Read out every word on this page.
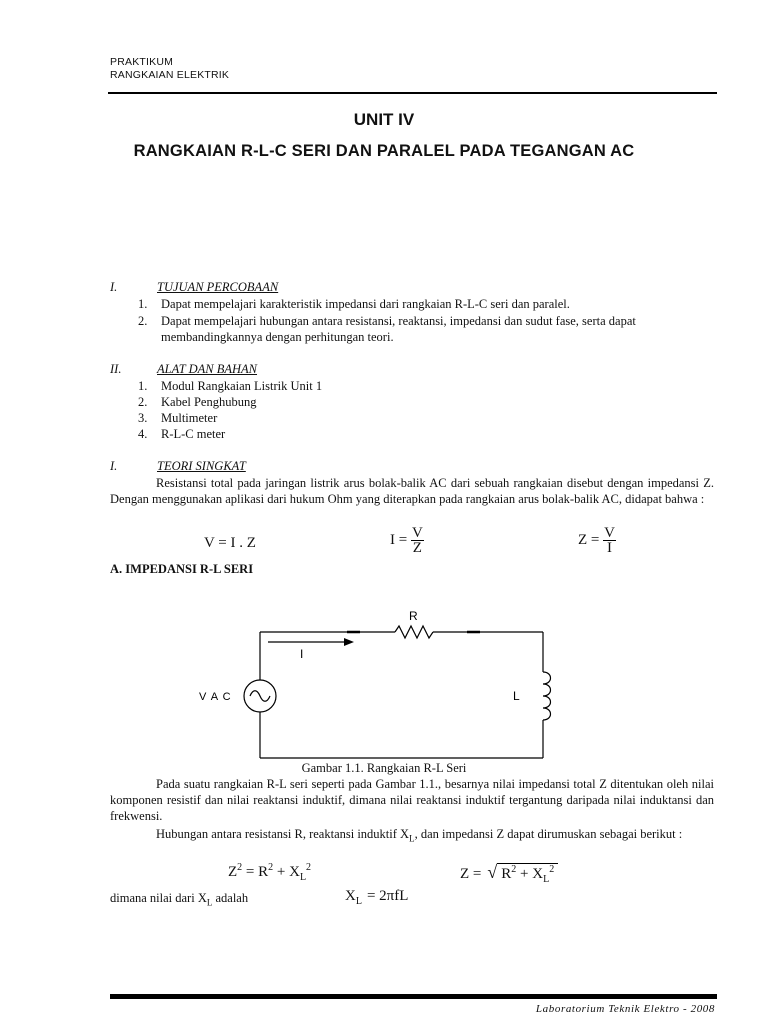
PRAKTIKUM
RANGKAIAN ELEKTRIK
UNIT IV
RANGKAIAN R-L-C SERI DAN PARALEL PADA TEGANGAN AC
I.	TUJUAN PERCOBAAN
1. Dapat mempelajari karakteristik impedansi dari rangkaian R-L-C seri dan paralel.
2. Dapat mempelajari hubungan antara resistansi, reaktansi, impedansi dan sudut fase, serta dapat
membandingkannya dengan perhitungan teori.
II.	ALAT DAN BAHAN
1. Modul Rangkaian Listrik Unit 1
2. Kabel Penghubung
3. Multimeter
4. R-L-C meter
I.	TEORI SINGKAT
Resistansi total pada jaringan listrik arus bolak-balik AC dari sebuah rangkaian disebut dengan impedansi Z. Dengan menggunakan aplikasi dari hukum Ohm yang diterapkan pada rangkaian arus bolak-balik AC, didapat bahwa :
V = I . Z	$I = \frac{V}{Z}$	$Z = \frac{V}{I}$
A. IMPEDANSI R-L SERI
R
I
V A C	L
Gambar 1.1. Rangkaian R-L Seri
Pada suatu rangkaian R-L seri seperti pada Gambar 1.1., besarnya nilai impedansi total Z ditentukan oleh nilai komponen resistif dan nilai reaktansi induktif, dimana nilai reaktansi induktif tergantung daripada nilai induktansi dan frekwensi.
Hubungan antara resistansi R, reaktansi induktif $X_L$, dan impedansi Z dapat dirumuskan sebagai berikut :
$Z^2 = R^2 + X_L^2$	Z = √ $R^2 + X_L^2$
dimana nilai dari $X_L$ adalah	$X_L = 2\pi fL$
Laboratorium Teknik Elektro - 2008
